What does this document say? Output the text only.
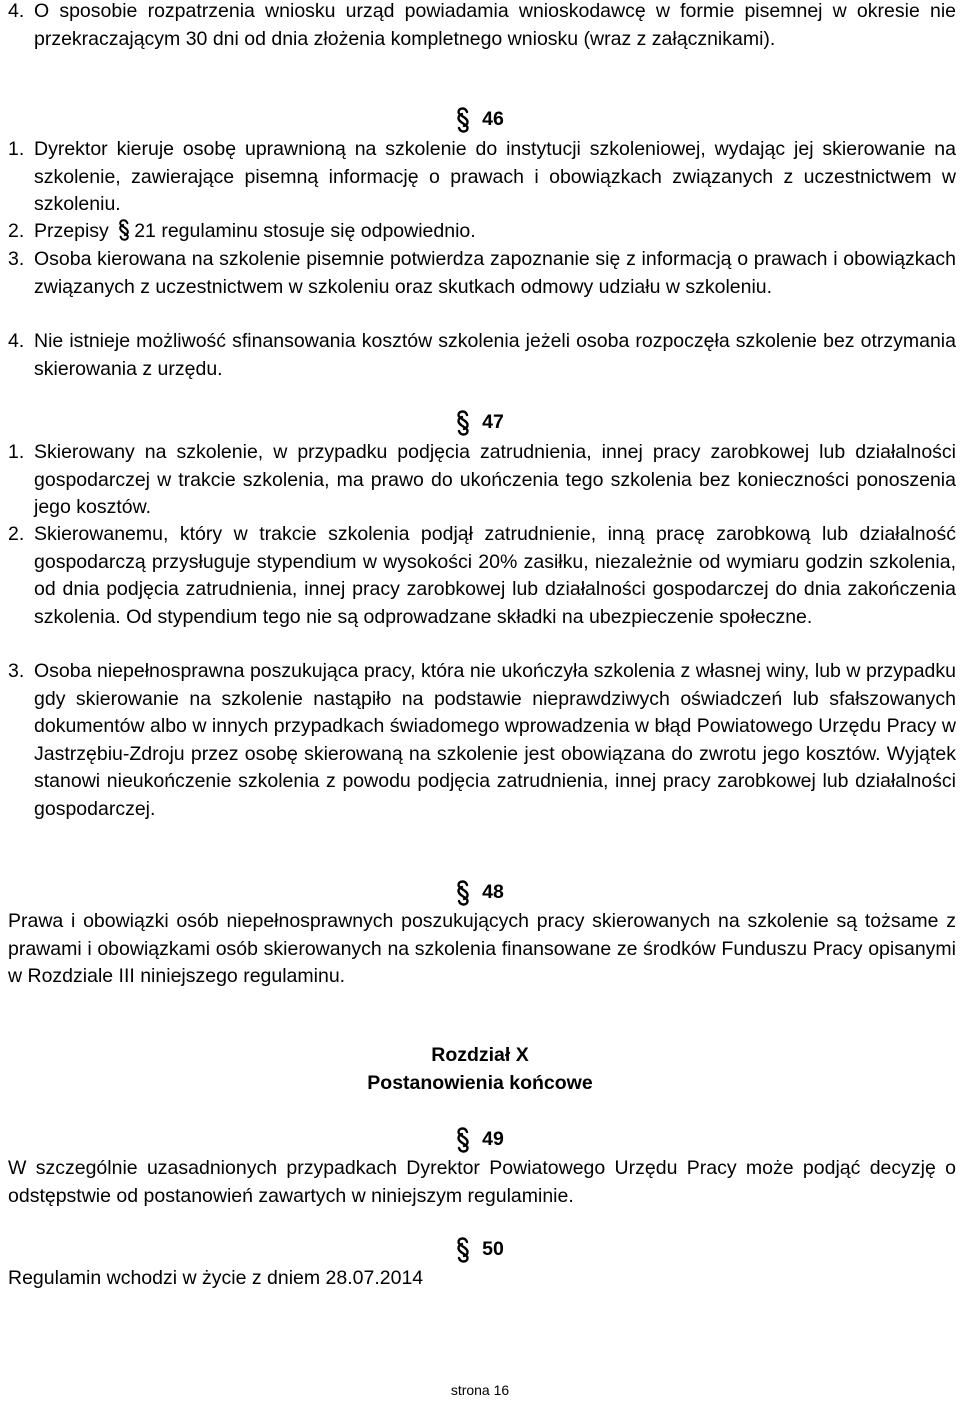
4. O sposobie rozpatrzenia wniosku urząd powiadamia wnioskodawcę w formie pisemnej w okresie nie przekraczającym 30 dni od dnia złożenia kompletnego wniosku (wraz z załącznikami).
46
1. Dyrektor kieruje osobę uprawnioną na szkolenie do instytucji szkoleniowej, wydając jej skierowanie na szkolenie, zawierające pisemną informację o prawach i obowiązkach związanych z uczestnictwem w szkoleniu.
2. Przepisy 21 regulaminu stosuje się odpowiednio.
3. Osoba kierowana na szkolenie pisemnie potwierdza zapoznanie się z informacją o prawach i obowiązkach związanych z uczestnictwem w szkoleniu oraz skutkach odmowy udziału w szkoleniu.
4. Nie istnieje możliwość sfinansowania kosztów szkolenia jeżeli osoba rozpoczęła szkolenie bez otrzymania skierowania z urzędu.
47
1. Skierowany na szkolenie, w przypadku podjęcia zatrudnienia, innej pracy zarobkowej lub działalności gospodarczej w trakcie szkolenia, ma prawo do ukończenia tego szkolenia bez konieczności ponoszenia jego kosztów.
2. Skierowanemu, który w trakcie szkolenia podjął zatrudnienie, inną pracę zarobkową lub działalność gospodarczą przysługuje stypendium w wysokości 20% zasiłku, niezależnie od wymiaru godzin szkolenia, od dnia podjęcia zatrudnienia, innej pracy zarobkowej lub działalności gospodarczej do dnia zakończenia szkolenia. Od stypendium tego nie są odprowadzane składki na ubezpieczenie społeczne.
3. Osoba niepełnosprawna poszukująca pracy, która nie ukończyła szkolenia z własnej winy, lub w przypadku gdy skierowanie na szkolenie nastąpiło na podstawie nieprawdziwych oświadczeń lub sfałszowanych dokumentów albo w innych przypadkach świadomego wprowadzenia w błąd Powiatowego Urzędu Pracy w Jastrzębiu-Zdroju przez osobę skierowaną na szkolenie jest obowiązana do zwrotu jego kosztów. Wyjątek stanowi nieukończenie szkolenia z powodu podjęcia zatrudnienia, innej pracy zarobkowej lub działalności gospodarczej.
48
Prawa i obowiązki osób niepełnosprawnych poszukujących pracy skierowanych na szkolenie są tożsame z prawami i obowiązkami osób skierowanych na szkolenia finansowane ze środków Funduszu Pracy opisanymi w Rozdziale III niniejszego regulaminu.
Rozdział X
Postanowienia końcowe
49
W szczególnie uzasadnionych przypadkach Dyrektor Powiatowego Urzędu Pracy może podjąć decyzję o odstępstwie od postanowień zawartych w niniejszym regulaminie.
50
Regulamin wchodzi w życie z dniem 28.07.2014
strona 16
